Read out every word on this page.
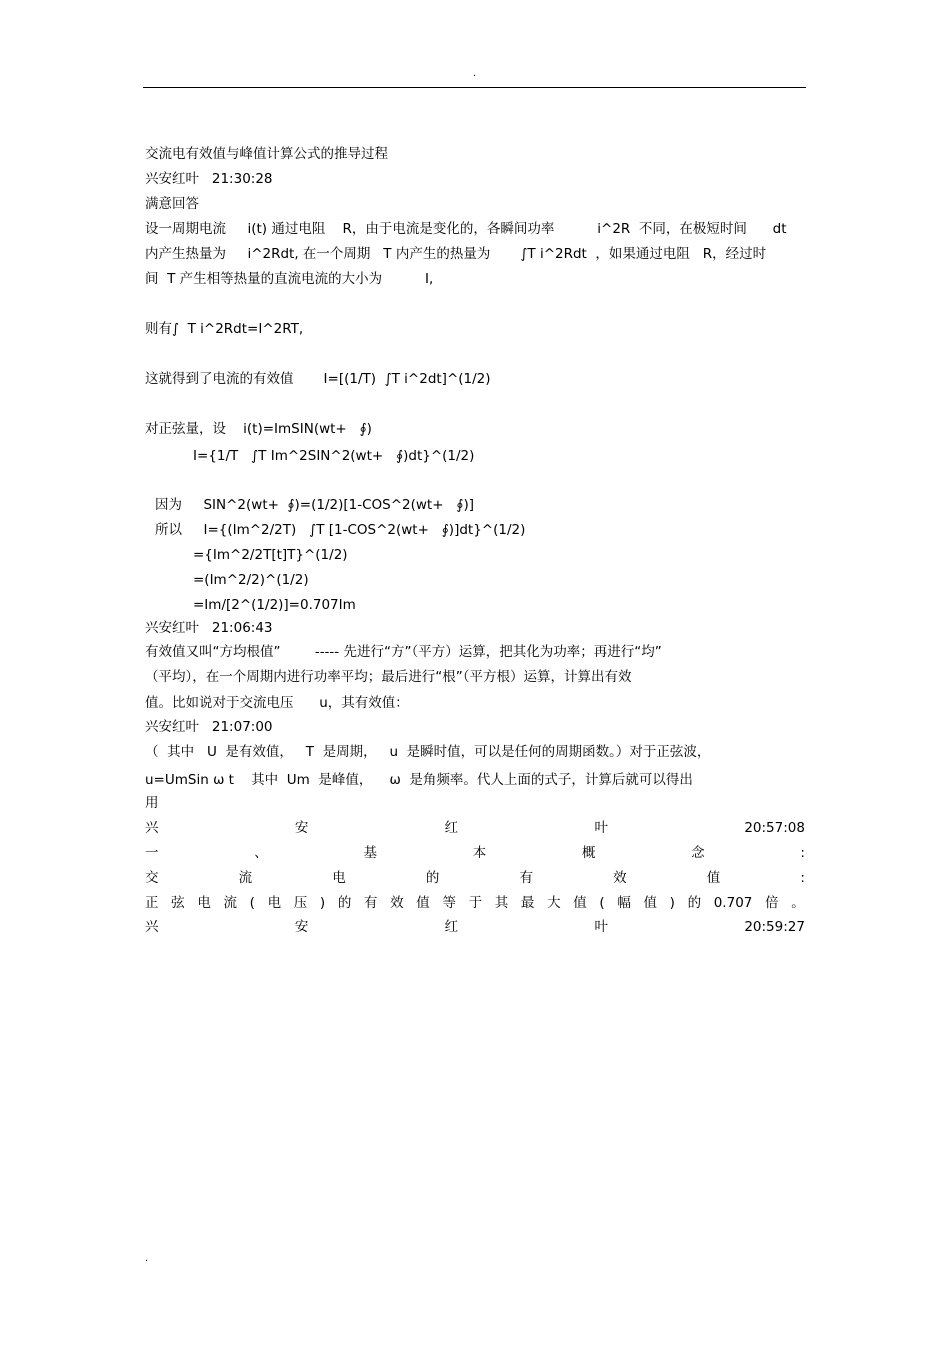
.
交流电有效值与峰值计算公式的推导过程
兴安红叶   21:30:28
满意回答
设一周期电流     i(t) 通过电阻    R，由于电流是变化的，各瞬间功率          i^2R  不同，在极短时间      dt
内产生热量为     i^2Rdt, 在一个周期   T 内产生的热量为       ∫T i^2Rdt  ，如果通过电阻   R，经过时
间  T 产生相等热量的直流电流的大小为          I,
则有∫  T i^2Rdt=I^2RT,
这就得到了电流的有效值       I=[(1/T)  ∫T i^2dt]^(1/2)
对正弦量，设    i(t)=ImSIN(wt+   ∮)
I={1/T   ∫T Im^2SIN^2(wt+   ∮)dt}^(1/2)
因为     SIN^2(wt+  ∮)=(1/2)[1-COS^2(wt+   ∮)]
所以     I={(Im^2/2T)   ∫T [1-COS^2(wt+   ∮)]dt}^(1/2)
={Im^2/2T[t]T}^(1/2)
=(Im^2/2)^(1/2)
=Im/[2^(1/2)]=0.707Im
兴安红叶   21:06:43
有效值又叫“方均根值”        ----- 先进行“方”（平方）运算，把其化为功率；再进行“均”
（平均），在一个周期内进行功率平均；最后进行“根”（平方根）运算，计算出有效
值。比如说对于交流电压      u，其有效值：
兴安红叶   21:07:00
（  其中   U  是有效值，   T  是周期，   u  是瞬时值，可以是任何的周期函数。）对于正弦波，
u=UmSin ω t    其中  Um  是峰值，    ω  是角频率。代人上面的式子，计算后就可以得出
用
兴	安	红	叶	20:57:08
一	、	基	本	概	念	:
交	流	电	的	有	效	值	:
正 弦 电 流 ( 电 压 ) 的 有 效 值 等 于 其 最 大 值 ( 幅 值 ) 的 0.707 倍 。
兴	安	红	叶	20:59:27
.
